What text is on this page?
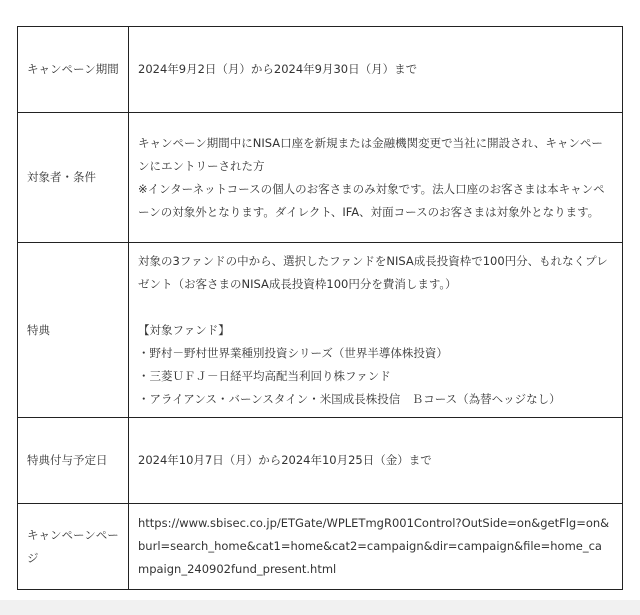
キャンペーン期間	2024年9月2日（月）から2024年9月30日（月）まで

対象者・条件	キャンペーン期間中にNISA口座を新規または金融機関変更で当社に開設され、キャンペーンにエントリーされた方
※インターネットコースの個人のお客さまのみ対象です。法人口座のお客さまは本キャンペーンの対象外となります。ダイレクト、IFA、対面コースのお客さまは対象外となります。

特典	対象の3ファンドの中から、選択したファンドをNISA成長投資枠で100円分、もれなくプレゼント（お客さまのNISA成長投資枠100円分を費消します。）

【対象ファンド】
・野村－野村世界業種別投資シリーズ（世界半導体株投資）
・三菱ＵＦＪ－日経平均高配当利回り株ファンド
・アライアンス・バーンスタイン・米国成長株投信　Ｂコース（為替ヘッジなし）

特典付与予定日	2024年10月7日（月）から2024年10月25日（金）まで

キャンペーンページ	https://www.sbisec.co.jp/ETGate/WPLETmgR001Control?OutSide=on&getFlg=on&burl=search_home&cat1=home&cat2=campaign&dir=campaign&file=home_campaign_240902fund_present.html
